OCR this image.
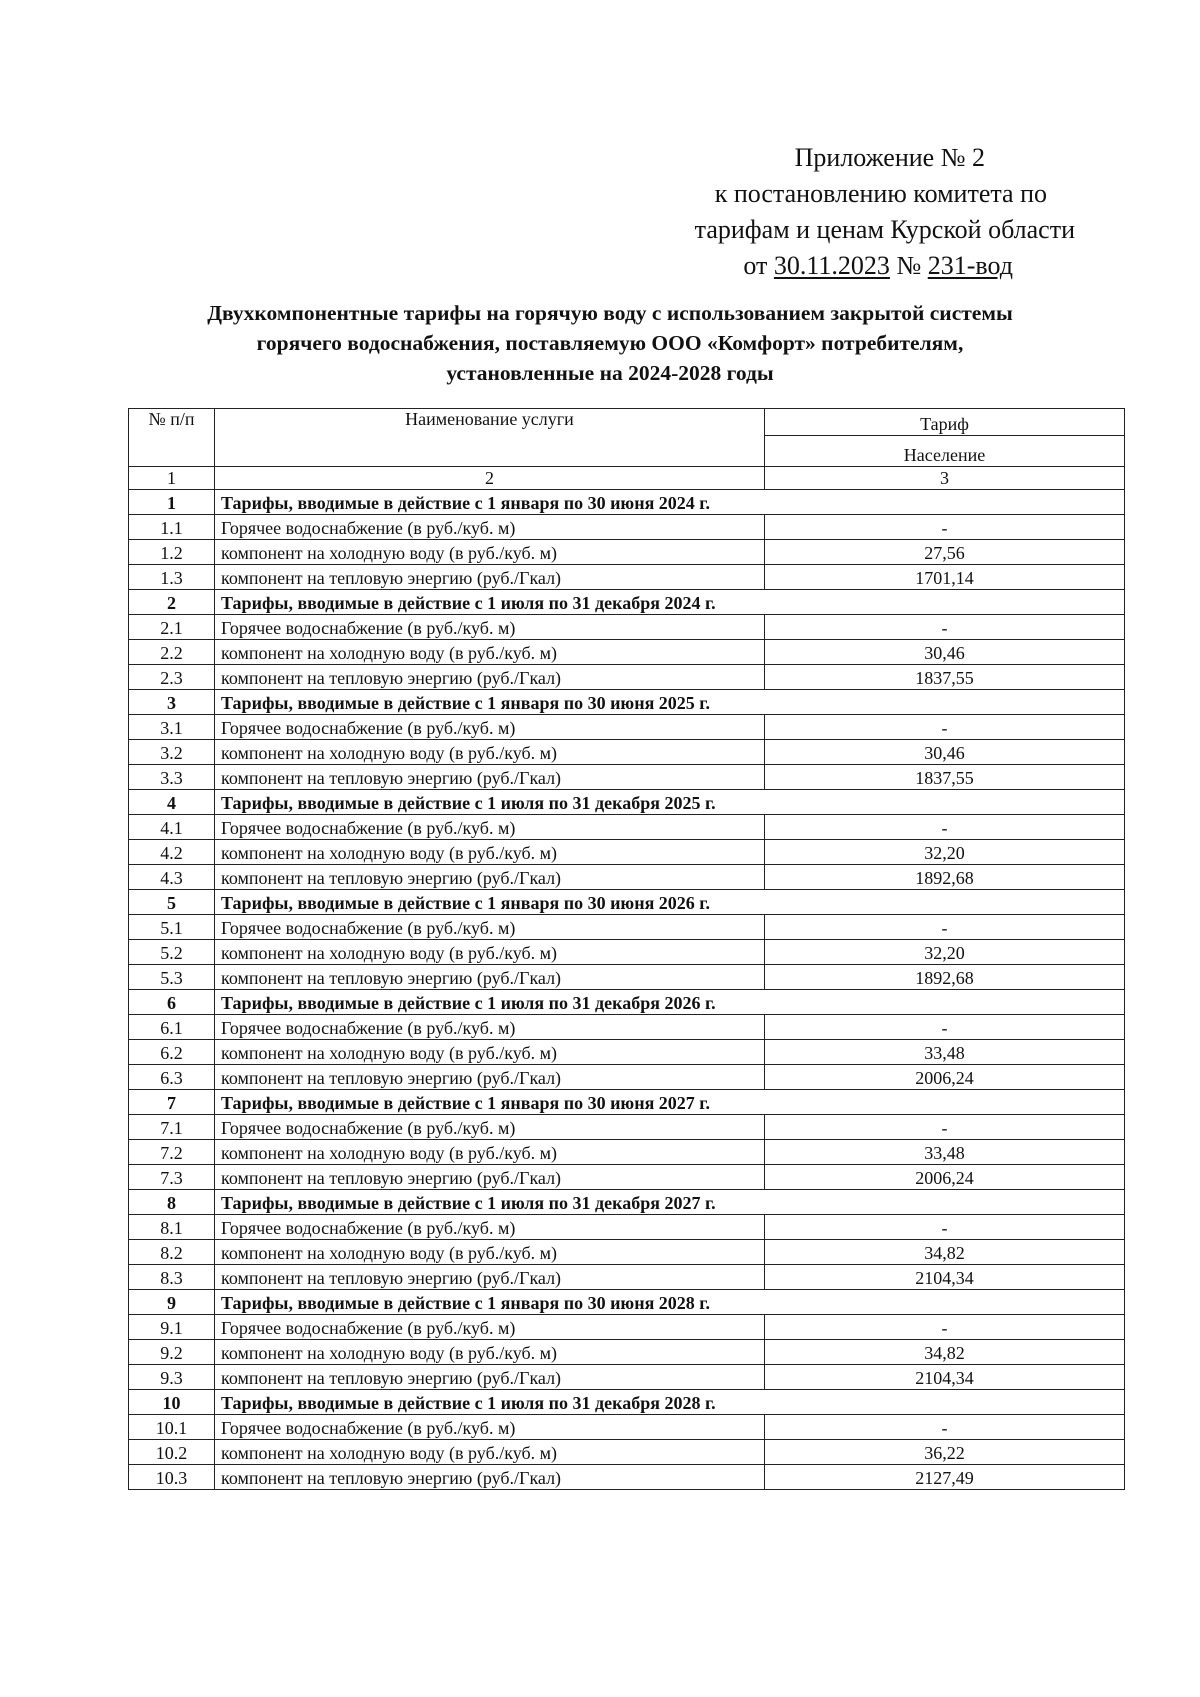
Приложение № 2
к постановлению комитета по
тарифам и ценам Курской области
от 30.11.2023 № 231-вод
Двухкомпонентные тарифы на горячую воду с использованием закрытой системы
горячего водоснабжения, поставляемую ООО «Комфорт» потребителям,
установленные на 2024-2028 годы
№ п/п	Наименование услуги	Тариф
		Население
1	2	3
1	Тарифы, вводимые в действие с 1 января по 30 июня 2024 г.	
1.1	Горячее водоснабжение (в руб./куб. м)	-
1.2	компонент на холодную воду (в руб./куб. м)	27,56
1.3	компонент на тепловую энергию (руб./Гкал)	1701,14
2	Тарифы, вводимые в действие с 1 июля по 31 декабря 2024 г.	
2.1	Горячее водоснабжение (в руб./куб. м)	-
2.2	компонент на холодную воду (в руб./куб. м)	30,46
2.3	компонент на тепловую энергию (руб./Гкал)	1837,55
3	Тарифы, вводимые в действие с 1 января по 30 июня 2025 г.	
3.1	Горячее водоснабжение (в руб./куб. м)	-
3.2	компонент на холодную воду (в руб./куб. м)	30,46
3.3	компонент на тепловую энергию (руб./Гкал)	1837,55
4	Тарифы, вводимые в действие с 1 июля по 31 декабря 2025 г.	
4.1	Горячее водоснабжение (в руб./куб. м)	-
4.2	компонент на холодную воду (в руб./куб. м)	32,20
4.3	компонент на тепловую энергию (руб./Гкал)	1892,68
5	Тарифы, вводимые в действие с 1 января по 30 июня 2026 г.	
5.1	Горячее водоснабжение (в руб./куб. м)	-
5.2	компонент на холодную воду (в руб./куб. м)	32,20
5.3	компонент на тепловую энергию (руб./Гкал)	1892,68
6	Тарифы, вводимые в действие с 1 июля по 31 декабря 2026 г.	
6.1	Горячее водоснабжение (в руб./куб. м)	-
6.2	компонент на холодную воду (в руб./куб. м)	33,48
6.3	компонент на тепловую энергию (руб./Гкал)	2006,24
7	Тарифы, вводимые в действие с 1 января по 30 июня 2027 г.	
7.1	Горячее водоснабжение (в руб./куб. м)	-
7.2	компонент на холодную воду (в руб./куб. м)	33,48
7.3	компонент на тепловую энергию (руб./Гкал)	2006,24
8	Тарифы, вводимые в действие с 1 июля по 31 декабря 2027 г.	
8.1	Горячее водоснабжение (в руб./куб. м)	-
8.2	компонент на холодную воду (в руб./куб. м)	34,82
8.3	компонент на тепловую энергию (руб./Гкал)	2104,34
9	Тарифы, вводимые в действие с 1 января по 30 июня 2028 г.	
9.1	Горячее водоснабжение (в руб./куб. м)	-
9.2	компонент на холодную воду (в руб./куб. м)	34,82
9.3	компонент на тепловую энергию (руб./Гкал)	2104,34
10	Тарифы, вводимые в действие с 1 июля по 31 декабря 2028 г.	
10.1	Горячее водоснабжение (в руб./куб. м)	-
10.2	компонент на холодную воду (в руб./куб. м)	36,22
10.3	компонент на тепловую энергию (руб./Гкал)	2127,49
